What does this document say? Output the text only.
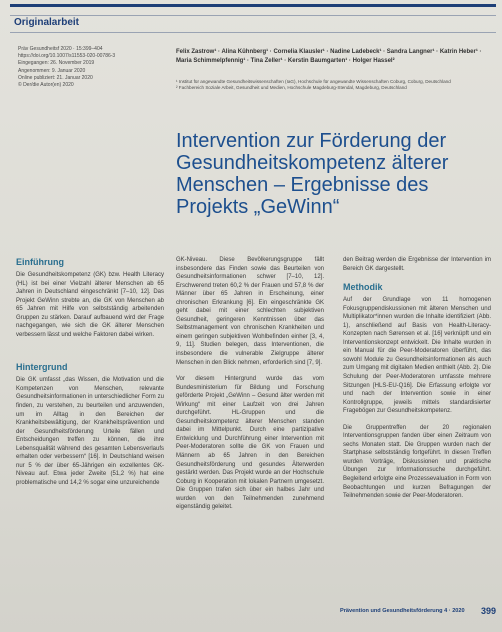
Originalarbeit
Präv Gesundheitsf 2020 · 15:399–404
https://doi.org/10.1007/s11553-020-00786-3
Eingegangen: 26. November 2019
Angenommen: 9. Januar 2020
Online publiziert: 21. Januar 2020
© Der/die Autor(en) 2020
Felix Zastrow¹ · Alina Kühnberg¹ · Cornelia Klausler¹ · Nadine Ladebeck¹ · Sandra Langner¹ · Katrin Heber¹ · Maria Schimmelpfennig¹ · Tina Zeller¹ · Kerstin Baumgarten¹ · Holger Hassel²
¹ Institut für angewandte Gesundheitswissenschaften (IaG), Hochschule für angewandte Wissenschaften Coburg, Coburg, Deutschland
² Fachbereich Soziale Arbeit, Gesundheit und Medien, Hochschule Magdeburg-Stendal, Magdeburg, Deutschland
Intervention zur Förderung der Gesundheitskompetenz älterer Menschen – Ergebnisse des Projekts „GeWinn“
Einführung

Die Gesundheitskompetenz (GK) bzw. Health Literacy (HL) ist bei einer Vielzahl älterer Menschen ab 65 Jahren in Deutschland eingeschränkt [7–10, 12]. Das Projekt GeWinn strebte an, die GK von Menschen ab 65 Jahren mit Hilfe von selbstständig arbeitenden Gruppen zu stärken. Darauf aufbauend wird der Frage nachgegangen, wie sich die GK älterer Menschen verbessern lässt und welche Faktoren dabei wirken.

Hintergrund

Die GK umfasst „das Wissen, die Motivation und die Kompetenzen von Menschen, relevante Gesundheitsinformationen in unterschiedlicher Form zu finden, zu verstehen, zu beurteilen und anzuwenden, um im Alltag in den Bereichen der Krankheitsbewältigung, der Krankheitsprävention und der Gesundheitsförderung Urteile fällen und Entscheidungen treffen zu können, die ihre Lebensqualität während des gesamten Lebensverlaufs erhalten oder verbessern“ [16]. In Deutschland weisen nur 5 % der über 65-Jährigen ein exzellentes GK-Niveau auf. Etwa jeder Zweite (51,2 %) hat eine problematische und 14,2 % sogar eine unzureichende

GK-Niveau. Diese Bevölkerungsgruppe fällt insbesondere das Finden sowie das Beurteilen von Gesundheitsinformationen schwer [7–10, 12]. Erschwerend treten 60,2 % der Frauen und 57,8 % der Männer über 65 Jahren in Erscheinung, einer chronischen Erkrankung [6]. Ein eingeschränkte GK geht dabei mit einer schlechten subjektiven Gesundheit, geringeren Kenntnissen über das Selbstmanagement von chronischen Krankheiten und einem geringen subjektiven Wohlbefinden einher [3, 4, 9, 11]. Studien belegen, dass Interventionen, die insbesondere die vulnerable Zielgruppe älterer Menschen in den Blick nehmen, erforderlich sind [7, 9].

Vor diesem Hintergrund wurde das vom Bundesministerium für Bildung und Forschung geförderte Projekt „GeWinn – Gesund älter werden mit Wirkung“ mit einer Laufzeit von drei Jahren durchgeführt. HL-Gruppen und die Gesundheitskompetenz älterer Menschen standen dabei im Mittelpunkt. Durch eine partizipative Entwicklung und Durchführung einer Intervention mit Peer-Moderatoren sollte die GK von Frauen und Männern ab 65 Jahren in den Bereichen Gesundheitsförderung und gesundes Älterwerden gestärkt werden. Das Projekt wurde an der Hochschule Coburg in Kooperation mit lokalen Partnern umgesetzt. Die Gruppen trafen sich über ein halbes Jahr und wurden von den Teilnehmenden zunehmend eigenständig geleitet.

den Beitrag werden die Ergebnisse der Intervention im Bereich GK dargestellt.

Methodik

Auf der Grundlage von 11 homogenen Fokusgruppendiskussionen mit älteren Menschen und Multiplikator*innen wurden die Inhalte identifiziert (Abb. 1), anschließend auf Basis von Health-Literacy-Konzepten nach Sørensen et al. [16] verknüpft und ein Interventionskonzept entwickelt. Die Inhalte wurden in ein Manual für die Peer-Moderatoren überführt, das sowohl Module zu Gesundheitsinformationen als auch zum Umgang mit digitalen Medien enthielt (Abb. 2). Die Schulung der Peer-Moderatoren umfasste mehrere Sitzungen [HLS-EU-Q16]. Die Erfassung erfolgte vor und nach der Intervention sowie in einer Kontrollgruppe, jeweils mittels standardisierter Fragebögen zur Gesundheitskompetenz.

Die Gruppentreffen der 20 regionalen Interventionsgruppen fanden über einen Zeitraum von sechs Monaten statt. Die Gruppen wurden nach der Startphase selbstständig fortgeführt. In diesen Treffen wurden Vorträge, Diskussionen und praktische Übungen zur Informationssuche durchgeführt. Begleitend erfolgte eine Prozessevaluation in Form von Beobachtungen und kurzen Befragungen der Teilnehmenden sowie der Peer-Moderatoren.

Prävention und Gesundheitsförderung 4 · 2020 399
